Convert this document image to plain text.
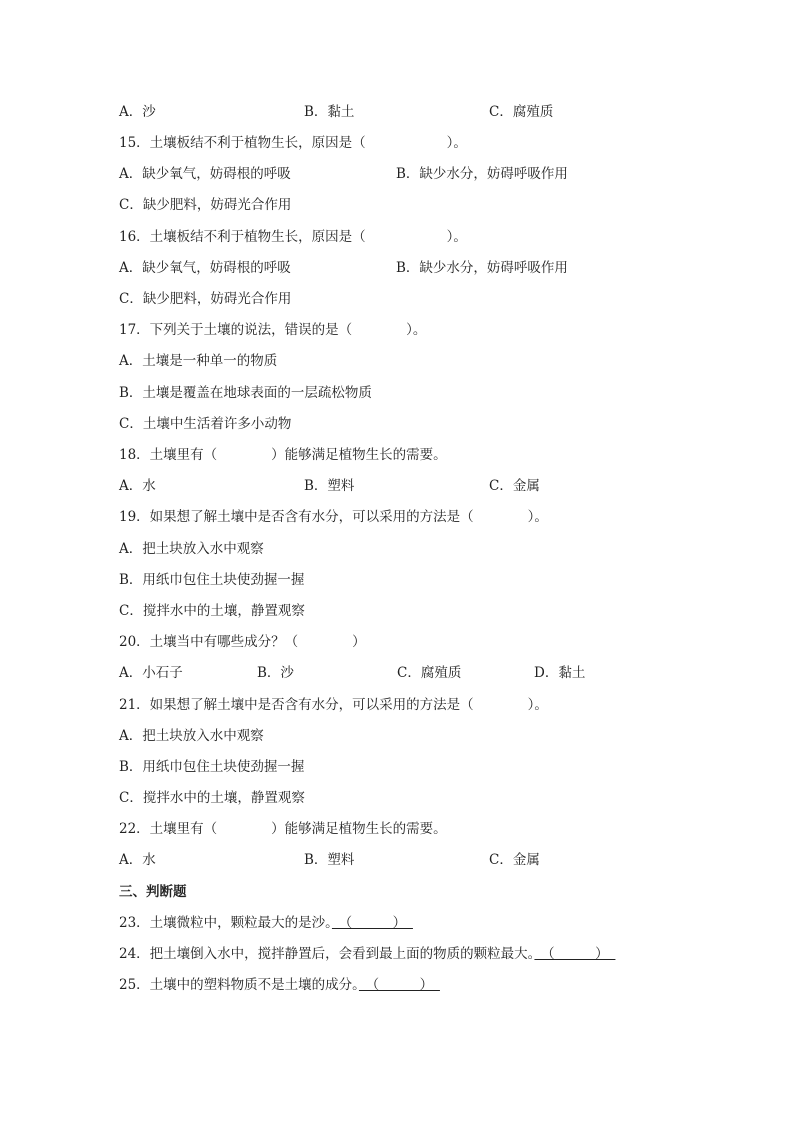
A．沙	B．黏土	C．腐殖质
15．土壤板结不利于植物生长，原因是（　　　　　　）。
A．缺少氧气，妨碍根的呼吸	B．缺少水分，妨碍呼吸作用
C．缺少肥料，妨碍光合作用
16．土壤板结不利于植物生长，原因是（　　　　　　）。
A．缺少氧气，妨碍根的呼吸	B．缺少水分，妨碍呼吸作用
C．缺少肥料，妨碍光合作用
17．下列关于土壤的说法，错误的是（　　　　）。
A．土壤是一种单一的物质
B．土壤是覆盖在地球表面的一层疏松物质
C．土壤中生活着许多小动物
18．土壤里有（　　　　）能够满足植物生长的需要。
A．水	B．塑料	C．金属
19．如果想了解土壤中是否含有水分，可以采用的方法是（　　　　）。
A．把土块放入水中观察
B．用纸巾包住土块使劲握一握
C．搅拌水中的土壤，静置观察
20．土壤当中有哪些成分？（　　　　）
A．小石子	B．沙	C．腐殖质	D．黏土
21．如果想了解土壤中是否含有水分，可以采用的方法是（　　　　）。
A．把土块放入水中观察
B．用纸巾包住土块使劲握一握
C．搅拌水中的土壤，静置观察
22．土壤里有（　　　　）能够满足植物生长的需要。
A．水	B．塑料	C．金属
三、判断题
23．土壤微粒中，颗粒最大的是沙。　（　　　）　
24．把土壤倒入水中，搅拌静置后，会看到最上面的物质的颗粒最大。　（　　　）　
25．土壤中的塑料物质不是土壤的成分。　（　　　）　
